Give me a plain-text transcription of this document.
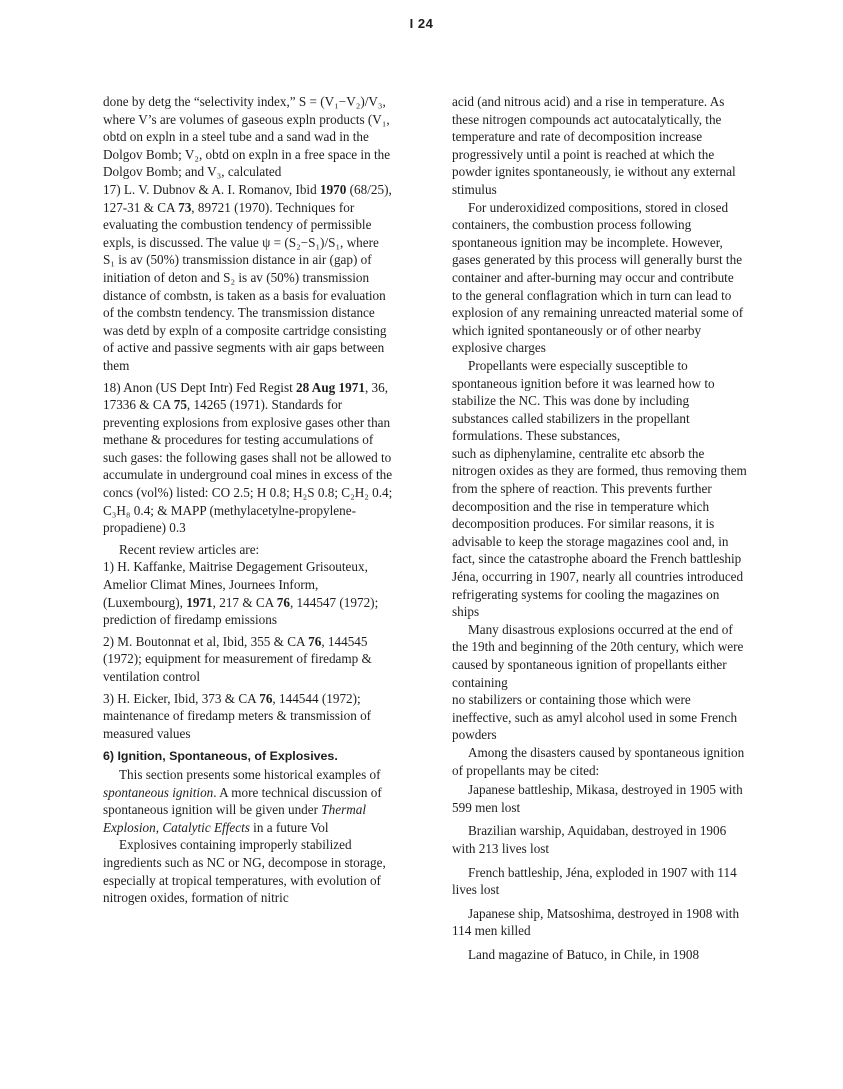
I 24

done by detg the “selectivity index,” S = (V₁−V₂)/V₃, where V’s are volumes of gaseous expln products (V₁, obtd on expln in a steel tube and a sand wad in the Dolgov Bomb; V₂, obtd on expln in a free space in the Dolgov Bomb; and V₃, calculated

17) L. V. Dubnov & A. I. Romanov, Ibid 1970 (68/25), 127-31 & CA 73, 89721 (1970). Techniques for evaluating the combustion tendency of permissible expls, is discussed. The value ψ = (S₂−S₁)/S₁, where S₁ is av (50%) transmission distance in air (gap) of initiation of deton and S₂ is av (50%) transmission distance of combstn, is taken as a basis for evaluation of the combstn tendency. The transmission distance was detd by expln of a composite cartridge consisting of active and passive segments with air gaps between them

18) Anon (US Dept Intr) Fed Regist 28 Aug 1971, 36, 17336 & CA 75, 14265 (1971). Standards for preventing explosions from explosive gases other than methane & procedures for testing accumulations of such gases: the following gases shall not be allowed to accumulate in underground coal mines in excess of the concs (vol%) listed: CO 2.5; H 0.8; H₂S 0.8; C₂H₂ 0.4; C₃H₈ 0.4; & MAPP (methylacetylne-propylene-propadiene) 0.3

Recent review articles are:

1) H. Kaffanke, Maitrise Degagement Grisouteux, Amelior Climat Mines, Journees Inform, (Luxembourg), 1971, 217 & CA 76, 144547 (1972); prediction of firedamp emissions

2) M. Boutonnat et al, Ibid, 355 & CA 76, 144545 (1972); equipment for measurement of firedamp & ventilation control

3) H. Eicker, Ibid, 373 & CA 76, 144544 (1972); maintenance of firedamp meters & transmission of measured values

6) Ignition, Spontaneous, of Explosives.

This section presents some historical examples of spontaneous ignition. A more technical discussion of spontaneous ignition will be given under Thermal Explosion, Catalytic Effects in a future Vol

Explosives containing improperly stabilized ingredients such as NC or NG, decompose in storage, especially at tropical temperatures, with evolution of nitrogen oxides, formation of nitric

acid (and nitrous acid) and a rise in temperature. As these nitrogen compounds act autocatalytically, the temperature and rate of decomposition increase progressively until a point is reached at which the powder ignites spontaneously, ie without any external stimulus

For underoxidized compositions, stored in closed containers, the combustion process following spontaneous ignition may be incomplete. However, gases generated by this process will generally burst the container and after-burning may occur and contribute to the general conflagration which in turn can lead to explosion of any remaining unreacted material some of which ignited spontaneously or of other nearby explosive charges

Propellants were especially susceptible to spontaneous ignition before it was learned how to stabilize the NC. This was done by including substances called stabilizers in the propellant formulations. These substances,

such as diphenylamine, centralite etc absorb the nitrogen oxides as they are formed, thus removing them from the sphere of reaction. This prevents further decomposition and the rise in temperature which decomposition produces. For similar reasons, it is advisable to keep the storage magazines cool and, in fact, since the catastrophe aboard the French battleship Jéna, occurring in 1907, nearly all countries introduced refrigerating systems for cooling the magazines on ships

Many disastrous explosions occurred at the end of the 19th and beginning of the 20th century, which were caused by spontaneous ignition of propellants either containing

no stabilizers or containing those which were ineffective, such as amyl alcohol used in some French powders

Among the disasters caused by spontaneous ignition of propellants may be cited:

Japanese battleship, Mikasa, destroyed in 1905 with 599 men lost

Brazilian warship, Aquidaban, destroyed in 1906 with 213 lives lost

French battleship, Jéna, exploded in 1907 with 114 lives lost

Japanese ship, Matsoshima, destroyed in 1908 with 114 men killed

Land magazine of Batuco, in Chile, in 1908
